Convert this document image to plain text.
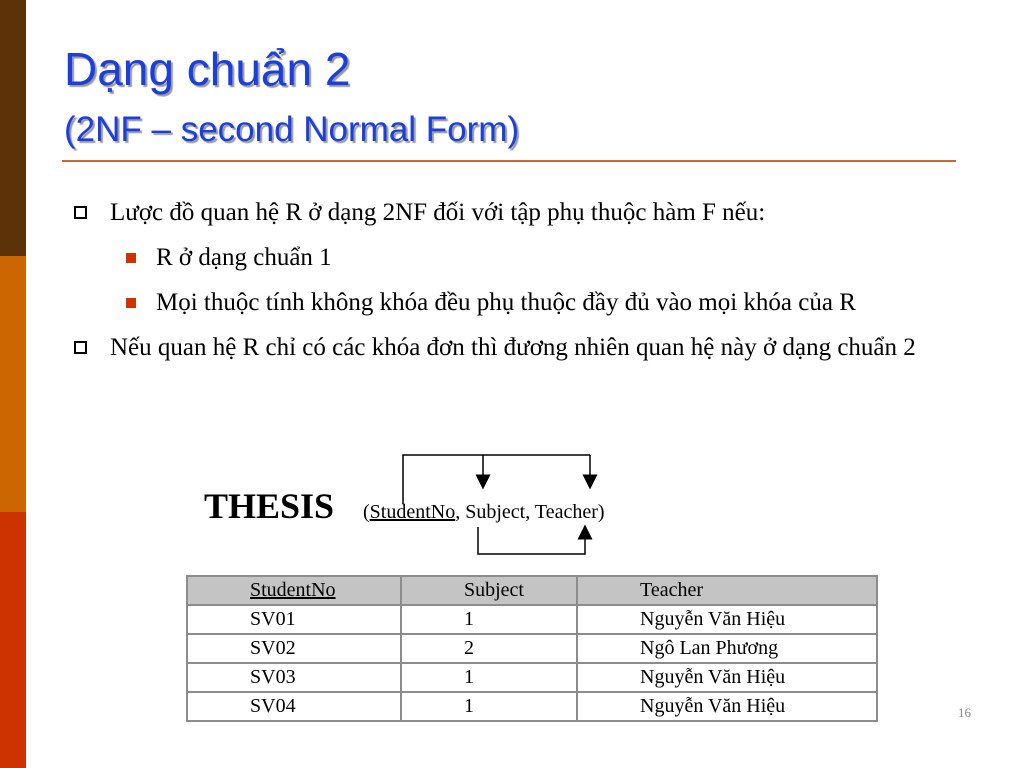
Dạng chuẩn 2
(2NF – second Normal Form)
Lược đồ quan hệ R ở dạng 2NF đối với tập phụ thuộc hàm F nếu:
R ở dạng chuẩn 1
Mọi thuộc tính không khóa đều phụ thuộc đầy đủ vào mọi khóa của R
Nếu quan hệ R chỉ có các khóa đơn thì đương nhiên quan hệ này ở dạng chuẩn 2
THESIS (StudentNo, Subject, Teacher)
StudentNo	Subject	Teacher
SV01	1	Nguyễn Văn Hiệu
SV02	2	Ngô Lan Phương
SV03	1	Nguyễn Văn Hiệu
SV04	1	Nguyễn Văn Hiệu	16
